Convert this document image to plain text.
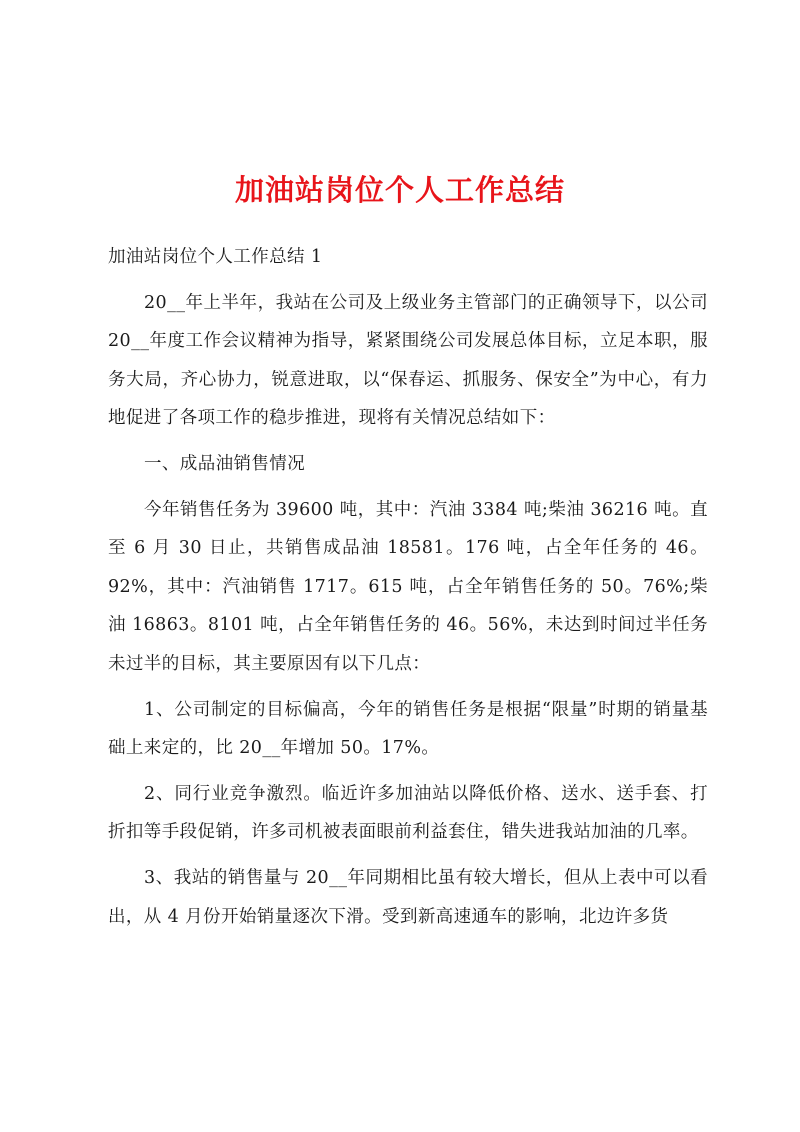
加油站岗位个人工作总结

加油站岗位个人工作总结 1

20__年上半年，我站在公司及上级业务主管部门的正确领导下，以公司 20__年度工作会议精神为指导，紧紧围绕公司发展总体目标，立足本职，服务大局，齐心协力，锐意进取，以“保春运、抓服务、保安全”为中心，有力地促进了各项工作的稳步推进，现将有关情况总结如下：

一、成品油销售情况

今年销售任务为 39600 吨，其中：汽油 3384 吨;柴油 36216 吨。直至 6 月 30 日止，共销售成品油 18581。176 吨，占全年任务的 46。92%，其中：汽油销售 1717。615 吨，占全年销售任务的 50。76%;柴油 16863。8101 吨，占全年销售任务的 46。56%，未达到时间过半任务未过半的目标，其主要原因有以下几点：

1、公司制定的目标偏高，今年的销售任务是根据“限量”时期的销量基础上来定的，比 20__年增加 50。17%。

2、同行业竞争激烈。临近许多加油站以降低价格、送水、送手套、打折扣等手段促销，许多司机被表面眼前利益套住，错失进我站加油的几率。

3、我站的销售量与 20__年同期相比虽有较大增长，但从上表中可以看出，从 4 月份开始销量逐次下滑。受到新高速通车的影响，北边许多货
